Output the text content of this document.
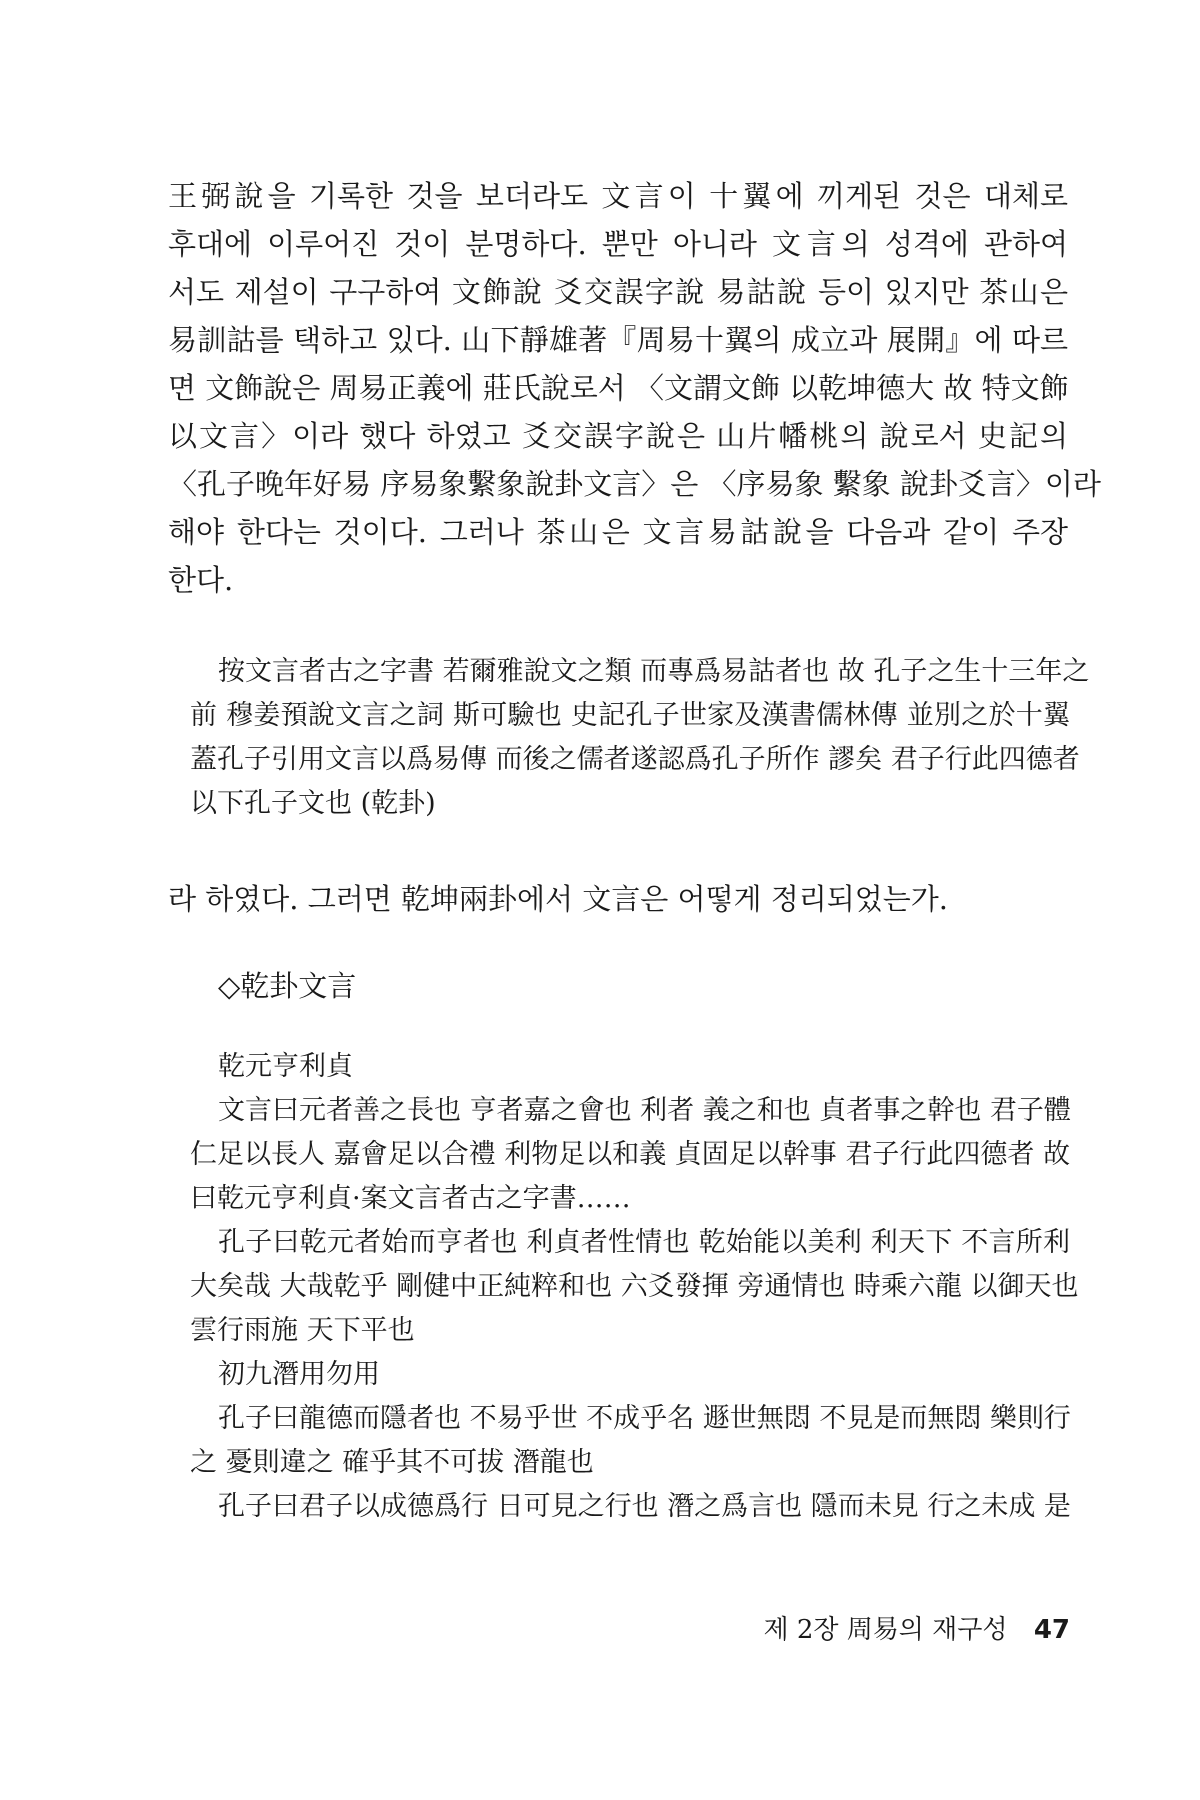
王弼說을 기록한 것을 보더라도 文言이 十翼에 끼게된 것은 대체로
후대에 이루어진 것이 분명하다. 뿐만 아니라 文言의 성격에 관하여
서도 제설이 구구하여 文飾說 爻交誤字說 易詁說 등이 있지만 茶山은
易訓詁를 택하고 있다. 山下靜雄著『周易十翼의 成立과 展開』에 따르
면 文飾說은 周易正義에 莊氏說로서 〈文謂文飾 以乾坤德大 故 特文飾
以文言〉이라 했다 하였고 爻交誤字說은 山片幡桃의 說로서 史記의
〈孔子晚年好易 序易象繫象說卦文言〉은 〈序易象 繫象 說卦爻言〉이라
해야 한다는 것이다. 그러나 茶山은 文言易詁說을 다음과 같이 주장
한다.
按文言者古之字書 若爾雅說文之類 而專爲易詁者也 故 孔子之生十三年之
前 穆姜預說文言之詞 斯可驗也 史記孔子世家及漢書儒林傳 並別之於十翼
蓋孔子引用文言以爲易傳 而後之儒者遂認爲孔子所作 謬矣 君子行此四德者
以下孔子文也 (乾卦)
라 하였다. 그러면 乾坤兩卦에서 文言은 어떻게 정리되었는가.
◇乾卦文言
乾元亨利貞
文言曰元者善之長也 亨者嘉之會也 利者 義之和也 貞者事之幹也 君子體
仁足以長人 嘉會足以合禮 利物足以和義 貞固足以幹事 君子行此四德者 故
曰乾元亨利貞·案文言者古之字書……
孔子曰乾元者始而亨者也 利貞者性情也 乾始能以美利 利天下 不言所利
大矣哉 大哉乾乎 剛健中正純粹和也 六爻發揮 旁通情也 時乘六龍 以御天也
雲行雨施 天下平也
初九潛用勿用
孔子曰龍德而隱者也 不易乎世 不成乎名 遯世無悶 不見是而無悶 樂則行
之 憂則違之 確乎其不可拔 潛龍也
孔子曰君子以成德爲行 日可見之行也 潛之爲言也 隱而未見 行之未成 是
제 2장 周易의 재구성 47
